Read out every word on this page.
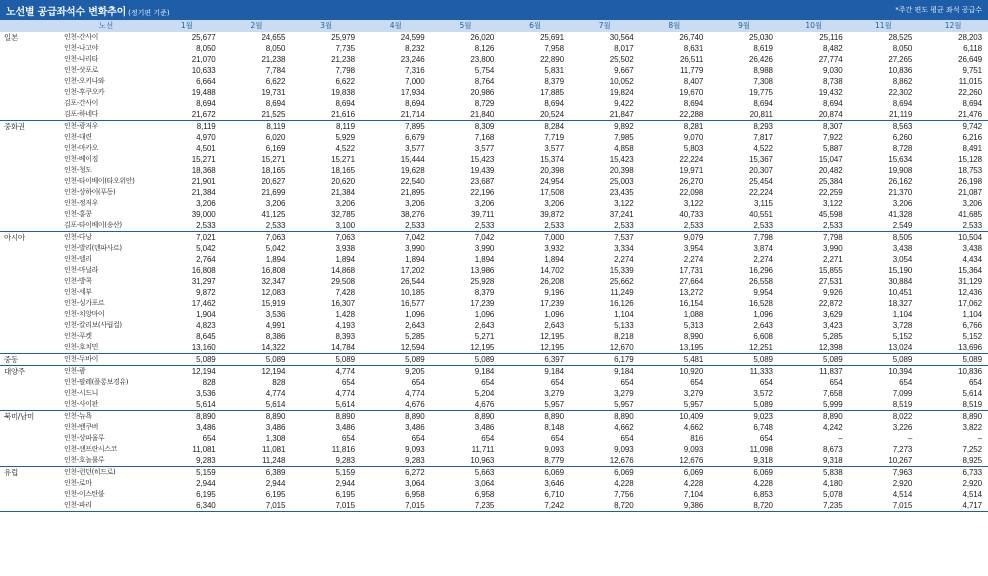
노선별 공급좌석수 변화추이 (정기편 기준)	*주간 편도 평균 좌석 공급수
	노선	1월	2월	3월	4월	5월	6월	7월	8월	9월	10월	11월	12월
일본	인천-간사이	25,677	24,655	25,979	24,599	26,020	25,691	30,564	26,740	25,030	25,116	28,525	28,203
	인천-나고야	8,050	8,050	7,735	8,232	8,126	7,958	8,017	8,631	8,619	8,482	8,050	6,118
	인천-나리타	21,070	21,238	21,238	23,246	23,800	22,890	25,502	26,511	26,426	27,774	27,265	26,649
	인천-삿포로	10,633	7,784	7,798	7,316	5,754	5,831	9,667	11,779	8,988	9,030	10,836	9,751
	인천-오키나와	6,664	6,622	6,622	7,000	8,764	8,379	10,052	8,407	7,308	8,738	8,862	11,015
	인천-후쿠오카	19,488	19,731	19,838	17,934	20,986	17,885	19,824	19,670	19,775	19,432	22,302	22,260
	김포-간사이	8,694	8,694	8,694	8,694	8,729	8,694	9,422	8,694	8,694	8,694	8,694	8,694
	김포-하네다	21,672	21,525	21,616	21,714	21,840	20,524	21,847	22,288	20,811	20,874	21,119	21,476
중화권	인천-광저우	8,119	8,119	8,119	7,895	8,309	8,284	9,892	8,281	8,293	8,307	8,563	9,742
	인천-대련	4,970	6,020	5,929	6,679	7,168	7,719	7,985	9,070	7,817	7,922	6,260	6,216
	인천-마카오	4,501	6,169	4,522	3,577	3,577	3,577	4,858	5,803	4,522	5,887	8,728	8,491
	인천-베이징	15,271	15,271	15,271	15,444	15,423	15,374	15,423	22,224	15,367	15,047	15,634	15,128
	인천-청도	18,368	18,165	18,165	19,628	19,439	20,398	20,398	19,971	20,307	20,482	19,908	18,753
	인천-타이베이(타오위안)	21,901	20,627	20,620	22,540	23,687	24,954	25,003	26,270	25,454	25,384	26,162	26,198
	인천-상하이(푸동)	21,384	21,699	21,384	21,895	22,196	17,508	23,435	22,098	22,224	22,259	21,370	21,087
	인천-정저우	3,206	3,206	3,206	3,206	3,206	3,206	3,122	3,122	3,115	3,122	3,206	3,206
	인천-홍콩	39,000	41,125	32,785	38,276	39,711	39,872	37,241	40,733	40,551	45,598	41,328	41,685
	김포-타이베이(송산)	2,533	2,533	3,100	2,533	2,533	2,533	2,533	2,533	2,533	2,533	2,549	2,533
아시아	인천-다낭	7,021	7,063	7,063	7,042	7,042	7,000	7,537	9,079	7,798	7,798	8,505	10,504
	인천-발리(덴파사르)	5,042	5,042	3,938	3,990	3,990	3,932	3,334	3,954	3,874	3,990	3,438	3,438
	인천-델리	2,764	1,894	1,894	1,894	1,894	1,894	2,274	2,274	2,274	2,271	3,054	4,434
	인천-마닐라	16,808	16,808	14,868	17,202	13,986	14,702	15,339	17,731	16,296	15,855	15,190	15,364
	인천-방콕	31,297	32,347	29,508	26,544	25,928	26,208	25,662	27,664	26,558	27,531	30,884	31,129
	인천-세부	9,872	12,083	7,428	10,185	8,379	9,196	11,249	13,272	9,954	9,926	10,451	12,436
	인천-싱가포르	17,462	15,919	16,307	16,577	17,239	17,239	16,126	16,154	16,528	22,872	18,327	17,062
	인천-치앙마이	1,904	3,536	1,428	1,096	1,096	1,096	1,104	1,088	1,096	3,629	1,104	1,104
	인천-칼리보(사립컬)	4,823	4,991	4,193	2,643	2,643	2,643	5,133	5,313	2,643	3,423	3,728	6,766
	인천-푸켓	8,645	8,386	8,393	5,285	5,271	12,195	8,218	8,990	6,608	5,285	5,152	5,152
	인천-호치민	13,160	14,322	14,784	12,594	12,195	12,195	12,670	13,195	12,251	12,398	13,024	13,696
중동	인천-두바이	5,089	5,089	5,089	5,089	5,089	6,397	6,179	5,481	5,089	5,089	5,089	5,089
대양주	인천-괌	12,194	12,194	4,774	9,205	9,184	9,184	9,184	10,920	11,333	11,837	10,394	10,836
	인천-팔레(플롱보경유)	828	828	654	654	654	654	654	654	654	654	654	654
	인천-시드니	3,536	4,774	4,774	4,774	5,204	3,279	3,279	3,279	3,572	7,658	7,099	5,614
	인천-사이판	5,614	5,614	5,614	4,676	4,676	5,957	5,957	5,957	5,089	5,999	8,519	8,519
북미/남미	인천-뉴욕	8,890	8,890	8,890	8,890	8,890	8,890	8,890	10,409	9,023	8,890	8,022	8,890
	인천-밴쿠버	3,486	3,486	3,486	3,486	3,486	8,148	4,662	4,662	6,748	4,242	3,226	3,822
	인천-상파울루	654	1,308	654	654	654	654	654	816	654	–	–	–
	인천-샌프란시스코	11,081	11,081	11,816	9,093	11,711	9,093	9,093	9,093	11,098	8,673	7,273	7,252
	인천-호놀룰루	9,283	11,248	9,283	9,283	10,963	8,779	12,676	12,676	9,318	9,318	10,267	8,925
유럽	인천-런던(히드로)	5,159	6,389	5,159	6,272	5,663	6,069	6,069	6,069	6,069	5,838	7,963	6,733
	인천-로마	2,944	2,944	2,944	3,064	3,064	3,646	4,228	4,228	4,228	4,180	2,920	2,920
	인천-이스탄불	6,195	6,195	6,195	6,958	6,958	6,710	7,756	7,104	6,853	5,078	4,514	4,514
	인천-파리	6,340	7,015	7,015	7,015	7,235	7,242	8,720	9,386	8,720	7,235	7,015	4,717
